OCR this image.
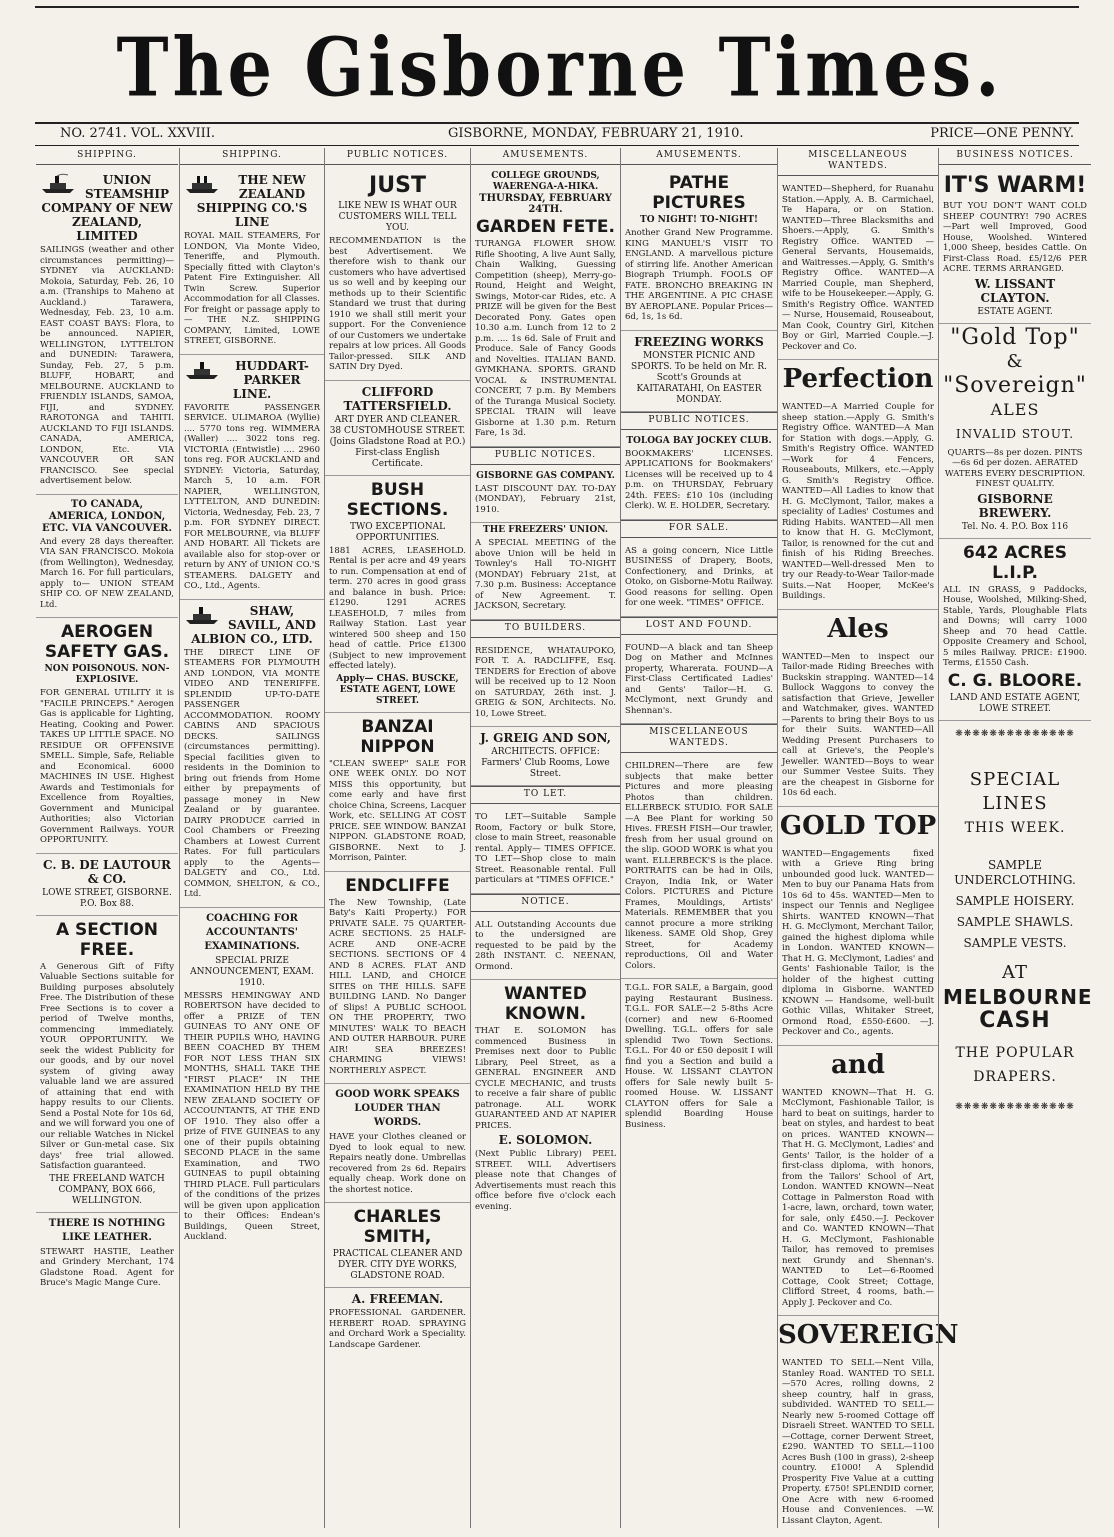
The Gisborne Times.
NO. 2741. VOL. XXVIII.	GISBORNE, MONDAY, FEBRUARY 21, 1910.	PRICE—ONE PENNY.
SHIPPING.
UNION STEAMSHIP COMPANY OF NEW ZEALAND, LIMITED
SAILINGS (weather and other circumstances permitting)— SYDNEY via AUCKLAND: Mokoia, Saturday, Feb. 26, 10 a.m. (Tranships to Maheno at Auckland.) Tarawera, Wednesday, Feb. 23, 10 a.m. EAST COAST BAYS: Flora, to be announced. NAPIER, WELLINGTON, LYTTELTON and DUNEDIN: Tarawera, Sunday, Feb. 27, 5 p.m. BLUFF, HOBART, and MELBOURNE. AUCKLAND to FRIENDLY ISLANDS, SAMOA, FIJI, and SYDNEY. RAROTONGA and TAHITI. AUCKLAND TO FIJI ISLANDS. CANADA, AMERICA, LONDON, Etc. VIA VANCOUVER OR SAN FRANCISCO. See special advertisement below.
TO CANADA, AMERICA, LONDON, ETC. VIA VANCOUVER.
And every 28 days thereafter. VIA SAN FRANCISCO. Mokoia (from Wellington), Wednesday, March 16. For full particulars, apply to— UNION STEAM SHIP CO. OF NEW ZEALAND, Ltd.
AEROGEN SAFETY GAS.
NON POISONOUS. NON-EXPLOSIVE.
FOR GENERAL UTILITY it is "FACILE PRINCEPS." Aerogen Gas is applicable for Lighting, Heating, Cooking and Power. TAKES UP LITTLE SPACE. NO RESIDUE OR OFFENSIVE SMELL. Simple, Safe, Reliable and Economical. 6000 MACHINES IN USE. Highest Awards and Testimonials for Excellence from Royalties, Government and Municipal Authorities; also Victorian Government Railways. YOUR OPPORTUNITY.
C. B. DE LAUTOUR & CO.
LOWE STREET, GISBORNE. P.O. Box 88.
A SECTION FREE.
A Generous Gift of Fifty Valuable Sections suitable for Building purposes absolutely Free. The Distribution of these Free Sections is to cover a period of Twelve months, commencing immediately. YOUR OPPORTUNITY. We seek the widest Publicity for our goods, and by our novel system of giving away valuable land we are assured of attaining that end with happy results to our Clients. Send a Postal Note for 10s 6d, and we will forward you one of our reliable Watches in Nickel Silver or Gun-metal case. Six days' free trial allowed. Satisfaction guaranteed.
THE FREELAND WATCH COMPANY, BOX 666, WELLINGTON.
THERE IS NOTHING LIKE LEATHER.
STEWART HASTIE, Leather and Grindery Merchant, 174 Gladstone Road. Agent for Bruce's Magic Mange Cure.
SHIPPING.
THE NEW ZEALAND SHIPPING CO.'S LINE
ROYAL MAIL STEAMERS, For LONDON, Via Monte Video, Teneriffe, and Plymouth. Specially fitted with Clayton's Patent Fire Extinguisher. All Twin Screw. Superior Accommodation for all Classes. For freight or passage apply to— THE N.Z. SHIPPING COMPANY, Limited, LOWE STREET, GISBORNE.
HUDDART-PARKER LINE.
FAVORITE PASSENGER SERVICE. ULIMAROA (Wyllie) .... 5770 tons reg. WIMMERA (Waller) .... 3022 tons reg. VICTORIA (Entwistle) .... 2960 tons reg. FOR AUCKLAND and SYDNEY: Victoria, Saturday, March 5, 10 a.m. FOR NAPIER, WELLINGTON, LYTTELTON, AND DUNEDIN: Victoria, Wednesday, Feb. 23, 7 p.m. FOR SYDNEY DIRECT. FOR MELBOURNE, via BLUFF AND HOBART. All Tickets are available also for stop-over or return by ANY of UNION CO.'S STEAMERS. DALGETY and CO., Ltd., Agents.
SHAW, SAVILL, AND ALBION CO., LTD.
THE DIRECT LINE OF STEAMERS FOR PLYMOUTH AND LONDON, VIA MONTE VIDEO AND TENERIFFE. SPLENDID UP-TO-DATE PASSENGER ACCOMMODATION. ROOMY CABINS AND SPACIOUS DECKS. SAILINGS (circumstances permitting). Special facilities given to residents in the Dominion to bring out friends from Home either by prepayments of passage money in New Zealand or by guarantee. DAIRY PRODUCE carried in Cool Chambers or Freezing Chambers at Lowest Current Rates. For full particulars apply to the Agents— DALGETY and CO., Ltd. COMMON, SHELTON, & CO., Ltd.
COACHING FOR ACCOUNTANTS' EXAMINATIONS.
SPECIAL PRIZE ANNOUNCEMENT, EXAM. 1910.
MESSRS HEMINGWAY AND ROBERTSON have decided to offer a PRIZE of TEN GUINEAS TO ANY ONE OF THEIR PUPILS WHO, HAVING BEEN COACHED BY THEM FOR NOT LESS THAN SIX MONTHS, SHALL TAKE THE "FIRST PLACE" IN THE EXAMINATION HELD BY THE NEW ZEALAND SOCIETY OF ACCOUNTANTS, AT THE END OF 1910. They also offer a prize of FIVE GUINEAS to any one of their pupils obtaining SECOND PLACE in the same Examination, and TWO GUINEAS to pupil obtaining THIRD PLACE. Full particulars of the conditions of the prizes will be given upon application to their Offices: Endean's Buildings, Queen Street, Auckland.
PUBLIC NOTICES.
JUST
LIKE NEW IS WHAT OUR CUSTOMERS WILL TELL YOU.
RECOMMENDATION is the best Advertisement. We therefore wish to thank our customers who have advertised us so well and by keeping our methods up to their Scientific Standard we trust that during 1910 we shall still merit your support. For the Convenience of our Customers we undertake repairs at low prices. All Goods Tailor-pressed. SILK AND SATIN Dry Dyed.
CLIFFORD TATTERSFIELD.
ART DYER AND CLEANER. 38 CUSTOMHOUSE STREET. (Joins Gladstone Road at P.O.) First-class English Certificate.
BUSH SECTIONS.
TWO EXCEPTIONAL OPPORTUNITIES.
1881 ACRES, LEASEHOLD. Rental is per acre and 49 years to run. Compensation at end of term. 270 acres in good grass and balance in bush. Price: £1290. 1291 ACRES LEASEHOLD, 7 miles from Railway Station. Last year wintered 500 sheep and 150 head of cattle. Price £1300 (Subject to new improvement effected lately).
Apply— CHAS. BUSCKE, ESTATE AGENT, LOWE STREET.
BANZAI NIPPON
"CLEAN SWEEP" SALE FOR ONE WEEK ONLY. DO NOT MISS this opportunity, but come early and have first choice China, Screens, Lacquer Work, etc. SELLING AT COST PRICE. SEE WINDOW. BANZAI NIPPON. GLADSTONE ROAD, GISBORNE. Next to J. Morrison, Painter.
ENDCLIFFE
The New Township, (Late Baty's Kaiti Property.) FOR PRIVATE SALE. 75 QUARTER-ACRE SECTIONS. 25 HALF-ACRE AND ONE-ACRE SECTIONS. SECTIONS OF 4 AND 8 ACRES. FLAT AND HILL LAND, and CHOICE SITES on THE HILLS. SAFE BUILDING LAND. No Danger of Slips! A PUBLIC SCHOOL ON THE PROPERTY, TWO MINUTES' WALK TO BEACH AND OUTER HARBOUR. PURE AIR! SEA BREEZES! CHARMING VIEWS! NORTHERLY ASPECT.
GOOD WORK SPEAKS LOUDER THAN WORDS.
HAVE your Clothes cleaned or Dyed to look equal to new. Repairs neatly done. Umbrellas recovered from 2s 6d. Repairs equally cheap. Work done on the shortest notice.
CHARLES SMITH,
PRACTICAL CLEANER AND DYER. CITY DYE WORKS, GLADSTONE ROAD.
A. FREEMAN.
PROFESSIONAL GARDENER. HERBERT ROAD. SPRAYING and Orchard Work a Speciality. Landscape Gardener.
AMUSEMENTS.
COLLEGE GROUNDS, WAERENGA-A-HIKA.
THURSDAY, FEBRUARY 24TH.
GARDEN FETE.
TURANGA FLOWER SHOW. Rifle Shooting, A live Aunt Sally, Chain Walking, Guessing Competition (sheep), Merry-go-Round, Height and Weight, Swings, Motor-car Rides, etc. A PRIZE will be given for the Best Decorated Pony. Gates open 10.30 a.m. Lunch from 12 to 2 p.m. .... 1s 6d. Sale of Fruit and Produce. Sale of Fancy Goods and Novelties. ITALIAN BAND. GYMKHANA. SPORTS. GRAND VOCAL & INSTRUMENTAL CONCERT, 7 p.m. By Members of the Turanga Musical Society. SPECIAL TRAIN will leave Gisborne at 1.30 p.m. Return Fare, 1s 3d.
PUBLIC NOTICES.
GISBORNE GAS COMPANY.
LAST DISCOUNT DAY. TO-DAY (MONDAY), February 21st, 1910.
THE FREEZERS' UNION.
A SPECIAL MEETING of the above Union will be held in Townley's Hall TO-NIGHT (MONDAY) February 21st, at 7.30 p.m. Business: Acceptance of New Agreement. T. JACKSON, Secretary.
TO BUILDERS.
RESIDENCE, WHATAUPOKO, FOR T. A. RADCLIFFE, Esq. TENDERS for Erection of above will be received up to 12 Noon on SATURDAY, 26th inst. J. GREIG & SON, Architects. No. 10, Lowe Street.
J. GREIG AND SON,
ARCHITECTS. OFFICE: Farmers' Club Rooms, Lowe Street.
TO LET.
TO LET—Suitable Sample Room, Factory or bulk Store, close to main Street, reasonable rental. Apply— TIMES OFFICE. TO LET—Shop close to main Street. Reasonable rental. Full particulars at "TIMES OFFICE."
NOTICE.
ALL Outstanding Accounts due to the undersigned are requested to be paid by the 28th INSTANT. C. NEENAN, Ormond.
WANTED KNOWN.
THAT E. SOLOMON has commenced Business in Premises next door to Public Library, Peel Street, as a GENERAL ENGINEER AND CYCLE MECHANIC, and trusts to receive a fair share of public patronage. ALL WORK GUARANTEED AND AT NAPIER PRICES.
E. SOLOMON.
(Next Public Library) PEEL STREET. WILL Advertisers please note that Changes of Advertisements must reach this office before five o'clock each evening.
AMUSEMENTS.
PATHE PICTURES
TO NIGHT! TO-NIGHT!
Another Grand New Programme. KING MANUEL'S VISIT TO ENGLAND. A marvellous picture of stirring life. Another American Biograph Triumph. FOOLS OF FATE. BRONCHO BREAKING IN THE ARGENTINE. A PIC CHASE BY AEROPLANE. Popular Prices—6d, 1s, 1s 6d.
FREEZING WORKS
MONSTER PICNIC AND SPORTS. To be held on Mr. R. Scott's Grounds at KAITARATAHI, On EASTER MONDAY.
PUBLIC NOTICES.
TOLOGA BAY JOCKEY CLUB.
BOOKMAKERS' LICENSES. APPLICATIONS for Bookmakers' Licenses will be received up to 4 p.m. on THURSDAY, February 24th. FEES: £10 10s (including Clerk). W. E. HOLDER, Secretary.
FOR SALE.
AS a going concern, Nice Little BUSINESS of Drapery, Boots, Confectionery, and Drinks, at Otoko, on Gisborne-Motu Railway. Good reasons for selling. Open for one week. "TIMES" OFFICE.
LOST AND FOUND.
FOUND—A black and tan Sheep Dog on Mather and McInnes property, Wharerata. FOUND—A First-Class Certificated Ladies' and Gents' Tailor—H. G. McClymont, next Grundy and Shennan's.
MISCELLANEOUS WANTEDS.
CHILDREN—There are few subjects that make better Pictures and more pleasing Photos than children. ELLERBECK STUDIO. FOR SALE—A Bee Plant for working 50 Hives. FRESH FISH—Our trawler, fresh from her usual ground on the slip. GOOD WORK is what you want. ELLERBECK'S is the place. PORTRAITS can be had in Oils, Crayon, India Ink, or Water Colors. PICTURES and Picture Frames, Mouldings, Artists' Materials. REMEMBER that you cannot procure a more striking likeness. SAME Old Shop, Grey Street, for Academy reproductions, Oil and Water Colors.
T.G.L. FOR SALE, a Bargain, good paying Restaurant Business. T.G.L. FOR SALE—2 5-8ths Acre (corner) and new 6-Roomed Dwelling. T.G.L. offers for sale splendid Two Town Sections. T.G.L. For 40 or £50 deposit I will find you a Section and build a House. W. LISSANT CLAYTON offers for Sale newly built 5-roomed House. W. LISSANT CLAYTON offers for Sale a splendid Boarding House Business.
MISCELLANEOUS WANTEDS.
WANTED—Shepherd, for Ruanahu Station.—Apply, A. B. Carmichael, Te Hapara, or on Station. WANTED—Three Blacksmiths and Shoers.—Apply, G. Smith's Registry Office. WANTED — General Servants, Housemaids, and Waitresses.—Apply, G. Smith's Registry Office. WANTED—A Married Couple, man Shepherd, wife to be Housekeeper.—Apply, G. Smith's Registry Office. WANTED — Nurse, Housemaid, Rouseabout, Man Cook, Country Girl, Kitchen Boy or Girl, Married Couple.—J. Peckover and Co.
Perfection
WANTED—A Married Couple for sheep station.—Apply G. Smith's Registry Office. WANTED—A Man for Station with dogs.—Apply, G. Smith's Registry Office. WANTED—Work for 4 Fencers, Rouseabouts, Milkers, etc.—Apply G. Smith's Registry Office. WANTED—All Ladies to know that H. G. McClymont, Tailor, makes a speciality of Ladies' Costumes and Riding Habits. WANTED—All men to know that H. G. McClymont, Tailor, is renowned for the cut and finish of his Riding Breeches. WANTED—Well-dressed Men to try our Ready-to-Wear Tailor-made Suits.—Nat Hooper, McKee's Buildings.
Ales
WANTED—Men to inspect our Tailor-made Riding Breeches with Buckskin strapping. WANTED—14 Bullock Waggons to convey the satisfaction that Grieve, Jeweller and Watchmaker, gives. WANTED—Parents to bring their Boys to us for their Suits. WANTED—All Wedding Present Purchasers to call at Grieve's, the People's Jeweller. WANTED—Boys to wear our Summer Vestee Suits. They are the cheapest in Gisborne for 10s 6d each.
GOLD TOP
WANTED—Engagements fixed with a Grieve Ring bring unbounded good luck. WANTED—Men to buy our Panama Hats from 10s 6d to 45s. WANTED—Men to inspect our Tennis and Negligee Shirts. WANTED KNOWN—That H. G. McClymont, Merchant Tailor, gained the highest diploma while in London. WANTED KNOWN—That H. G. McClymont, Ladies' and Gents' Fashionable Tailor, is the holder of the highest cutting diploma in Gisborne. WANTED KNOWN — Handsome, well-built Gothic Villas, Whitaker Street, Ormond Road, £550-£600. —J. Peckover and Co., agents.
and
WANTED KNOWN—That H. G. McClymont, Fashionable Tailor, is hard to beat on suitings, harder to beat on styles, and hardest to beat on prices. WANTED KNOWN—That H. G. McClymont, Ladies' and Gents' Tailor, is the holder of a first-class diploma, with honors, from the Tailors' School of Art, London. WANTED KNOWN—Neat Cottage in Palmerston Road with 1-acre, lawn, orchard, town water, for sale, only £450.—J. Peckover and Co. WANTED KNOWN—That H. G. McClymont, Fashionable Tailor, has removed to premises next Grundy and Shennan's. WANTED to Let—6-Roomed Cottage, Cook Street; Cottage, Clifford Street, 4 rooms, bath.—Apply J. Peckover and Co.
SOVEREIGN
WANTED TO SELL—Nent Villa, Stanley Road. WANTED TO SELL—570 Acres, rolling downs, 2 sheep country, half in grass, subdivided. WANTED TO SELL—Nearly new 5-roomed Cottage off Disraeli Street. WANTED TO SELL—Cottage, corner Derwent Street, £290. WANTED TO SELL—1100 Acres Bush (100 in grass), 2-sheep country. £1000! A Splendid Prosperity Five Value at a cutting Property. £750! SPLENDID corner, One Acre with new 6-roomed House and Conveniences. —W. Lissant Clayton, Agent.
BUSINESS NOTICES.
IT'S WARM!
BUT YOU DON'T WANT COLD SHEEP COUNTRY! 790 ACRES—Part well Improved, Good House, Woolshed. Wintered 1,000 Sheep, besides Cattle. On First-Class Road. £5/12/6 PER ACRE. TERMS ARRANGED.
W. LISSANT CLAYTON.
ESTATE AGENT.
"Gold Top"
&
"Sovereign"
ALES
INVALID STOUT.
QUARTS—8s per dozen. PINTS —6s 6d per dozen. AERATED WATERS EVERY DESCRIPTION. FINEST QUALITY.
GISBORNE BREWERY.
Tel. No. 4. P.O. Box 116
642 ACRES L.I.P.
ALL IN GRASS, 9 Paddocks, House, Woolshed, Milking-Shed, Stable, Yards, Ploughable Flats and Downs; will carry 1000 Sheep and 70 head Cattle. Opposite Creamery and School, 5 miles Railway. PRICE: £1900. Terms, £1550 Cash.
C. G. BLOORE.
LAND AND ESTATE AGENT, LOWE STREET.
❋❋❋❋❋❋❋❋❋❋❋❋❋❋
SPECIAL
LINES
THIS WEEK.
SAMPLE UNDERCLOTHING.
SAMPLE HOISERY.
SAMPLE SHAWLS.
SAMPLE VESTS.
AT
MELBOURNE
CASH
THE POPULAR
DRAPERS.
❋❋❋❋❋❋❋❋❋❋❋❋❋❋
